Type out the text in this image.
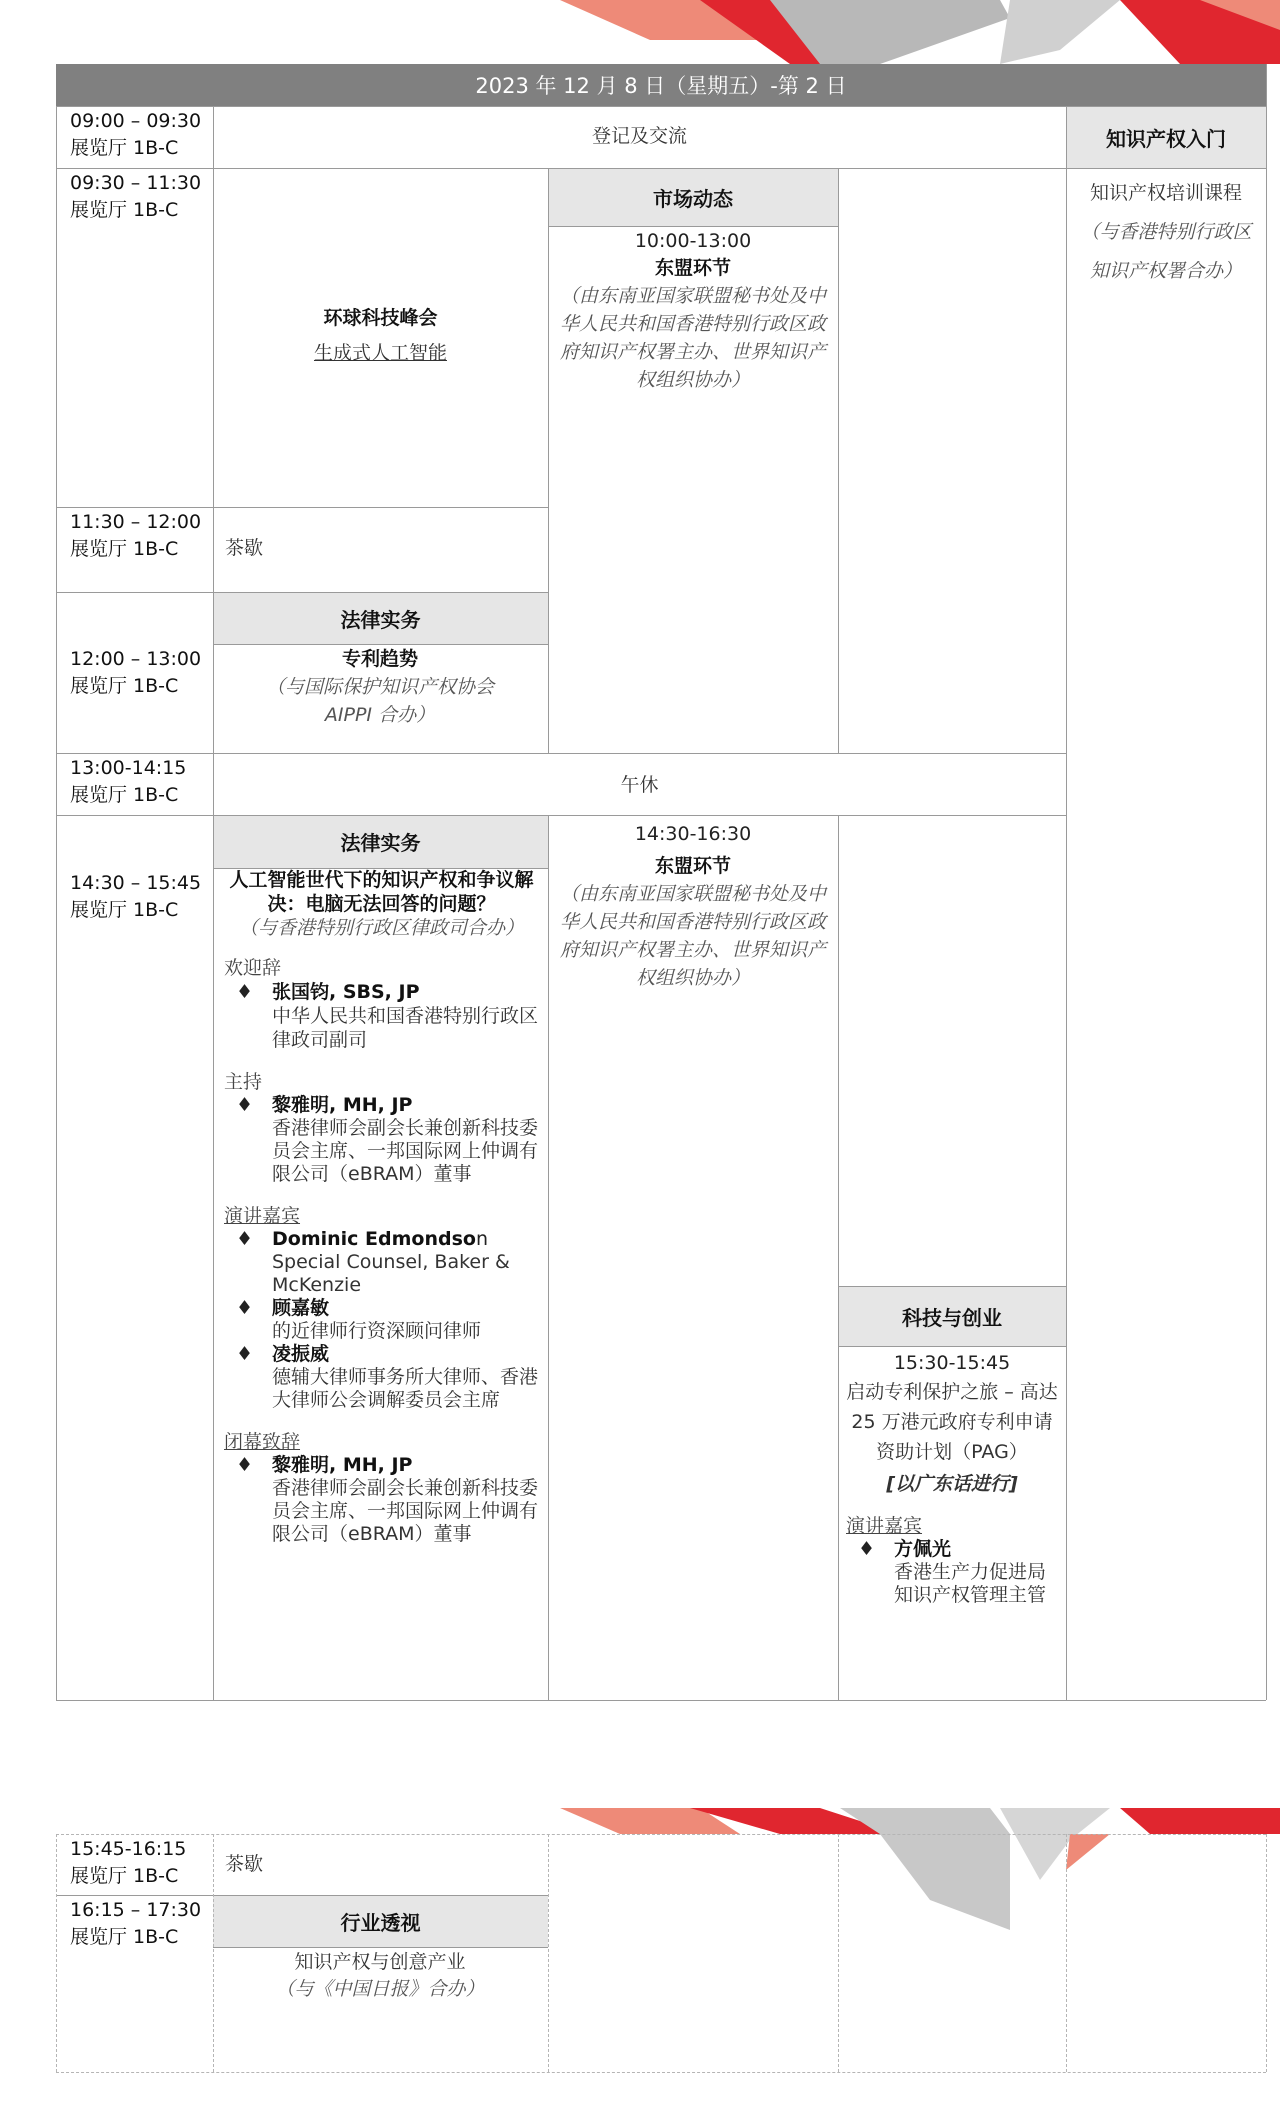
2023 年 12 月 8 日（星期五）-第 2 日
09:00 – 09:30
展览厅 1B-C
09:30 – 11:30
展览厅 1B-C
11:30 – 12:00
展览厅 1B-C
12:00 – 13:00
展览厅 1B-C
13:00-14:15
展览厅 1B-C
14:30 – 15:45
展览厅 1B-C
15:45-16:15
展览厅 1B-C
16:15 – 17:30
展览厅 1B-C
登记及交流	知识产权入门
知识产权培训课程
（与香港特别行政区知识产权署合办）
环球科技峰会
生成式人工智能
市场动态
10:00-13:00
东盟环节
（由东南亚国家联盟秘书处及中华人民共和国香港特别行政区政府知识产权署主办、世界知识产权组织协办）
14:30-16:30
东盟环节
（由东南亚国家联盟秘书处及中华人民共和国香港特别行政区政府知识产权署主办、世界知识产权组织协办）
茶歇
法律实务
专利趋势
（与国际保护知识产权协会AIPPI 合办）
午休
法律实务
人工智能世代下的知识产权和争议解决：电脑无法回答的问题？
（与香港特别行政区律政司合办）
欢迎辞
♦ 张国钧, SBS, JP
中华人民共和国香港特别行政区律政司副司
主持
♦ 黎雅明, MH, JP
香港律师会副会长兼创新科技委员会主席、一邦国际网上仲调有限公司（eBRAM）董事
演讲嘉宾
♦ Dominic Edmondson
Special Counsel, Baker & McKenzie
♦ 顾嘉敏
的近律师行资深顾问律师
♦ 凌振威
德辅大律师事务所大律师、香港大律师公会调解委员会主席
闭幕致辞
♦ 黎雅明, MH, JP
香港律师会副会长兼创新科技委员会主席、一邦国际网上仲调有限公司（eBRAM）董事
科技与创业
15:30-15:45
启动专利保护之旅 – 高达 25 万港元政府专利申请资助计划（PAG）
[以广东话进行]
演讲嘉宾
♦ 方佩光
香港生产力促进局知识产权管理主管
茶歇
行业透视
知识产权与创意产业
（与《中国日报》合办）
